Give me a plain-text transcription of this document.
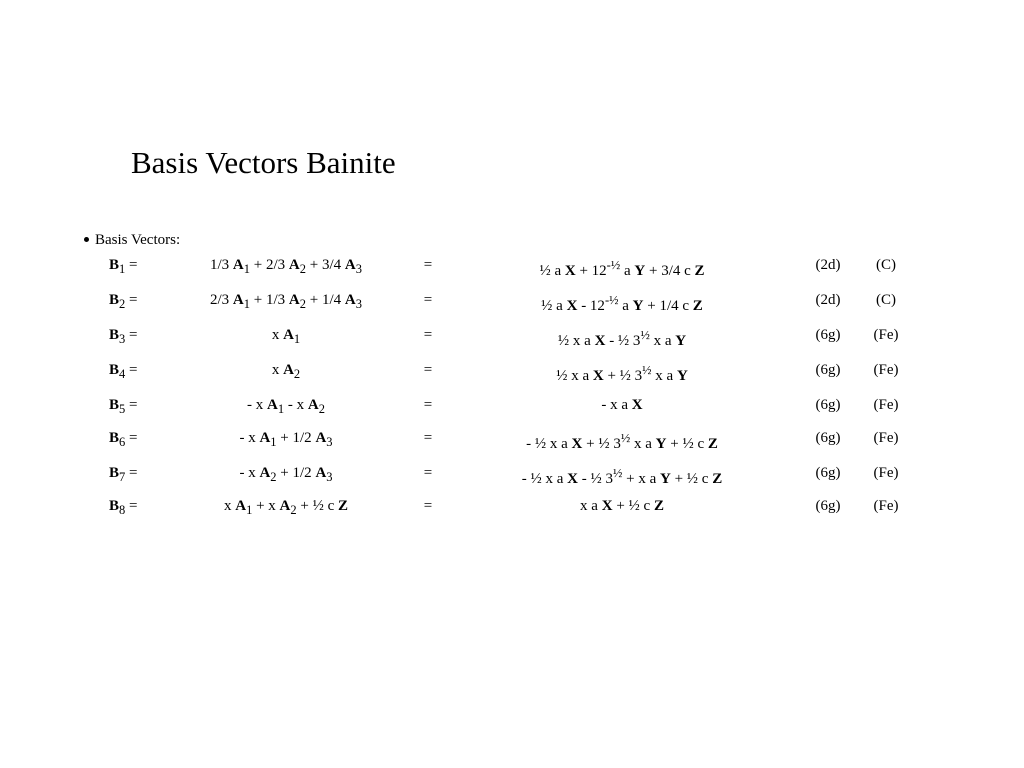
Basis Vectors Bainite
Basis Vectors:
$B_1$ =	1/3 $A_1 + 2/3$ $A_2 + 3/4$ $A_3$	=	½ a $X + 12^{-\frac{1}{2}}$ a Y + 3/4 c Z	(2d)	(C)
$B_2$ =	2/3 $A_1 + 1/3$ $A_2 + 1/4$ $A_3$	=	½ a X - $12^{-\frac{1}{2}}$ a Y + 1/4 c Z	(2d)	(C)
$B_3$ =	x $A_1$	=	½ x a X - ½ $3^{\frac{1}{2}}$ x a Y	(6g)	(Fe)
$B_4$ =	x $A_2$	=	½ x a X + ½ $3^{\frac{1}{2}}$ x a Y	(6g)	(Fe)
$B_5$ =	- x $A_1$ - x $A_2$	=	- x a X	(6g)	(Fe)
$B_6$ =	- x $A_1 + 1/2$ $A_3$	=	- ½ x a X + ½ $3^{\frac{1}{2}}$ x a Y + ½ c Z	(6g)	(Fe)
$B_7$ =	- x $A_2 + 1/2$ $A_3$	=	- ½ x a X - ½ $3^{\frac{1}{2}} + x$ a Y + ½ c Z	(6g)	(Fe)
$B_8$ =	x $A_1 + x$ $A_2$ + ½ c Z	=	x a X + ½ c Z	(6g)	(Fe)
